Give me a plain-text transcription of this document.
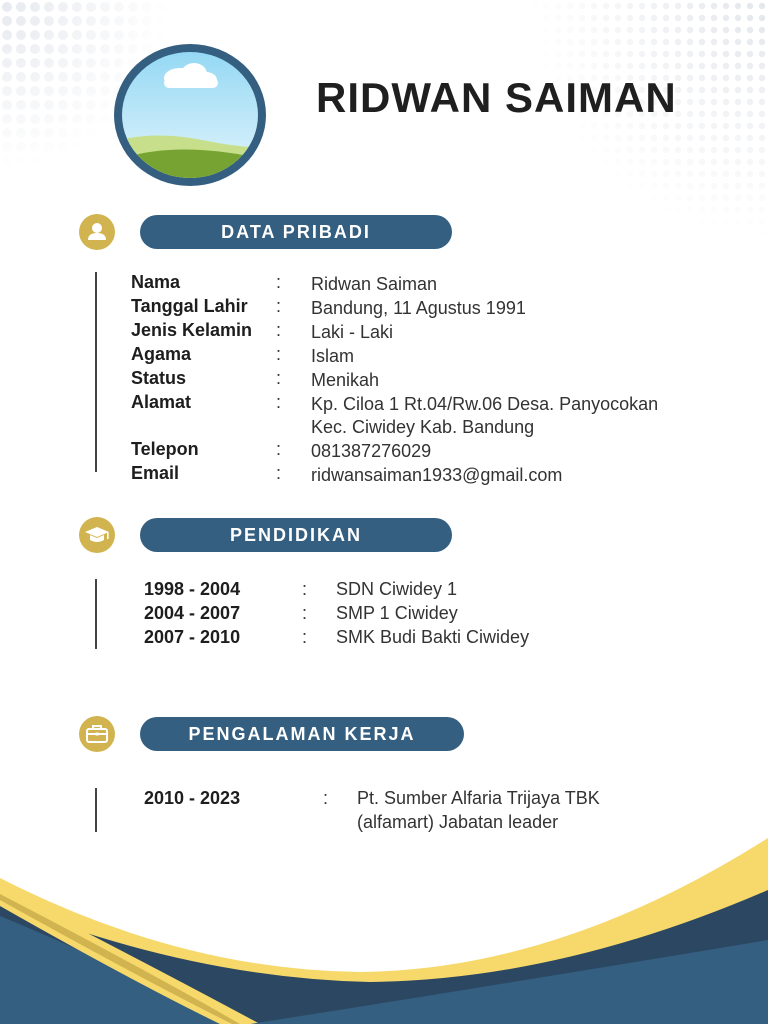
RIDWAN SAIMAN
DATA PRIBADI
Nama	: Ridwan Saiman
Tanggal Lahir : Bandung, 11 Agustus 1991
Jenis Kelamin : Laki - Laki
Agama	: Islam
Status	: Menikah
Alamat	: Kp. Ciloa 1 Rt.04/Rw.06 Desa. Panyocokan
Kec. Ciwidey Kab. Bandung
Telepon	: 081387276029
Email	: ridwansaiman1933@gmail.com
PENDIDIKAN
1998 - 2004	: SDN Ciwidey 1
2004 - 2007	: SMP 1 Ciwidey
2007 - 2010	: SMK Budi Bakti Ciwidey
PENGALAMAN KERJA
2010 - 2023	: Pt. Sumber Alfaria Trijaya TBK
(alfamart) Jabatan leader
